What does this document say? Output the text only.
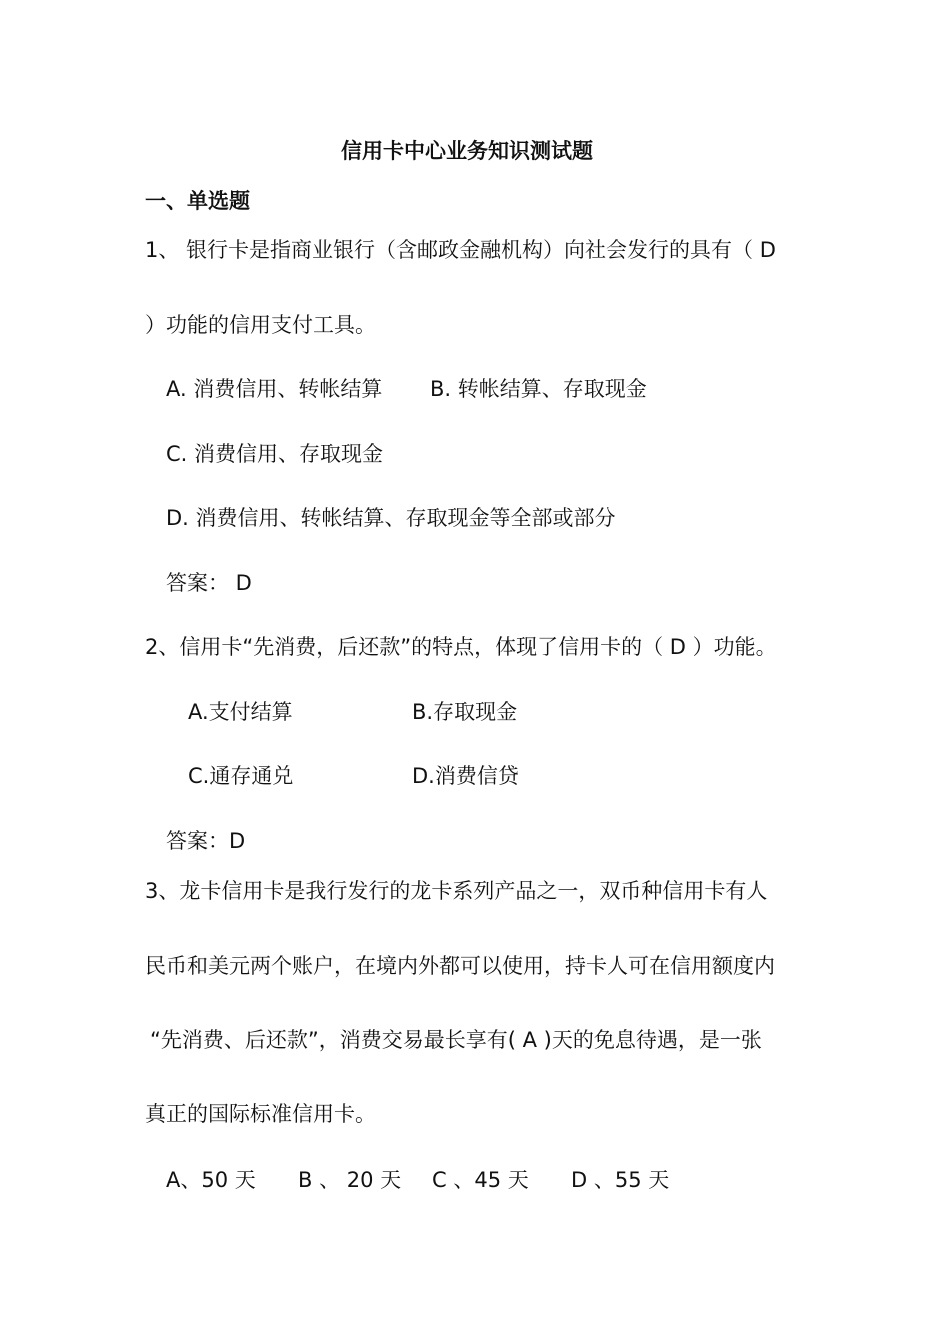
信用卡中心业务知识测试题
一、单选题
1、 银行卡是指商业银行（含邮政金融机构）向社会发行的具有（ D
）功能的信用支付工具。
A. 消费信用、转帐结算 B. 转帐结算、存取现金
C. 消费信用、存取现金
D. 消费信用、转帐结算、存取现金等全部或部分
答案： D
2、信用卡“先消费，后还款”的特点，体现了信用卡的（ D ）功能。
A.支付结算	B.存取现金
C.通存通兑	D.消费信贷
答案：D
3、龙卡信用卡是我行发行的龙卡系列产品之一，双币种信用卡有人
民币和美元两个账户，在境内外都可以使用，持卡人可在信用额度内
“先消费、后还款”，消费交易最长享有( A )天的免息待遇，是一张
真正的国际标准信用卡。
A、50 天 B 、 20 天 C 、45 天 D 、55 天
